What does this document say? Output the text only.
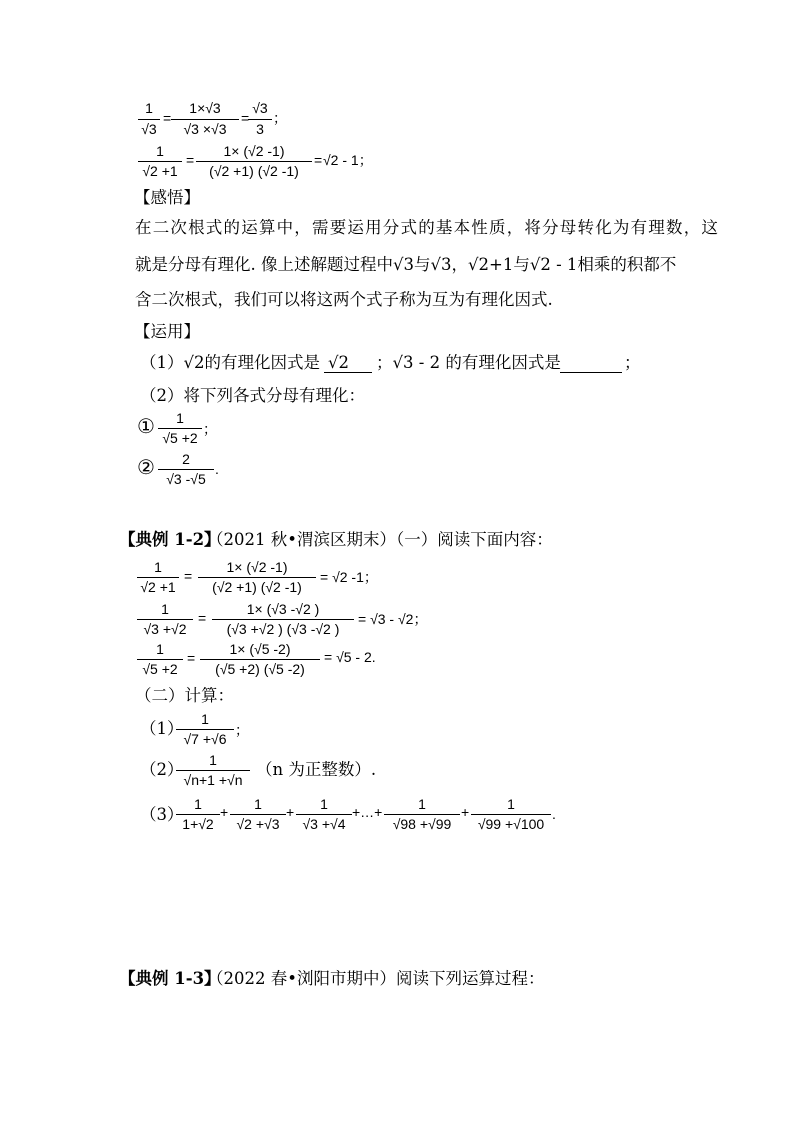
1
√3
=
1×√3
√3 ×√3
=
√3
3
；
1
√2 +1
=
1× (√2 -1)
(√2 +1) (√2 -1)
= √2 - 1；
【感悟】
在二次根式的运算中，需要运用分式的基本性质，将分母转化为有理数，这
就是分母有理化. 像上述解题过程中√3与√3，√2+1与√2 - 1相乘的积都不
含二次根式，我们可以将这两个式子称为互为有理化因式.
【运用】
（1）√2的有理化因式是 √2 ；√3 - 2 的有理化因式是	；
（2）将下列各式分母有理化：
①	1
√5 +2
；
②	2
√3 -√5
.
【典例 1-2】
（2021 秋•渭滨区期末）（一）阅读下面内容：
1
√2 +1
=
1× (√2 -1)
(√2 +1) (√2 -1)
= √2 -1；
1
√3 +√2
=
1× (√3 -√2 )
(√3 +√2 ) (√3 -√2 )
= √3 - √2；
1
√5 +2
=
1× (√5 -2)
(√5 +2) (√5 -2)
= √5 - 2.
（二）计算：
（1）	1
√7 +√6
；
（2）	1
√n+1 +√n
（n 为正整数）.
（3）
1
1+√2
+	1
√2 +√3
+	1
√3 +√4
+…+	1
√98 +√99
+	1
√99 +√100
.
【典例 1-3】
（2022 春•浏阳市期中）阅读下列运算过程：
